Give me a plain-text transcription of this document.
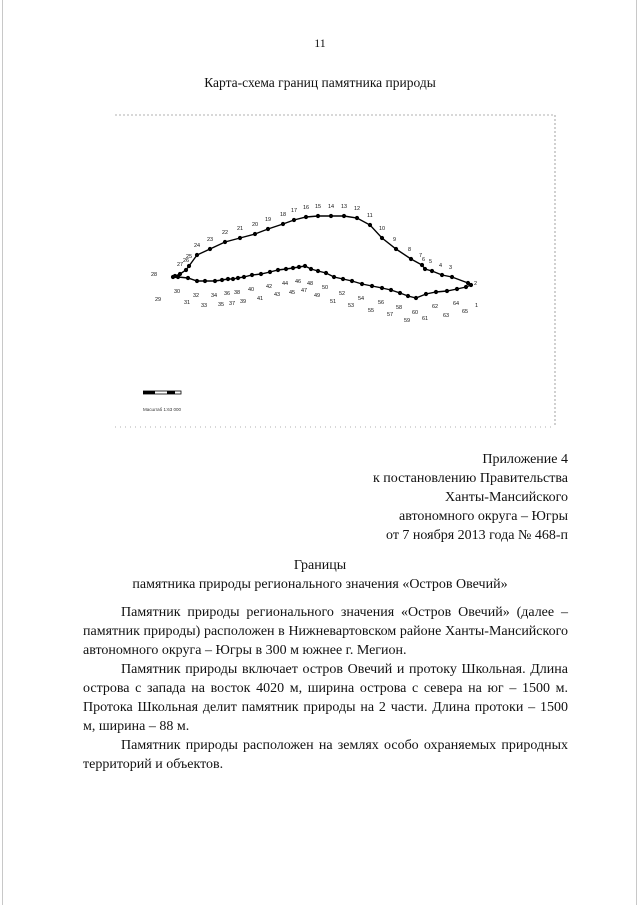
11
Карта-схема границ памятника природы
1
2
3
4
5
6
7
8
9
10
11
12
13
14
15
16
17
18
19
20
21
22
23
24
25
26
27
28
29
30
31
32
33
34
35
36
37
38
39
40
41
42
43
44
45
46
47
48
49
50
51
52
53
54
55
56
57
58
59
60
61
62
63
64
65
Масштаб 1:63 000
Приложение 4
к постановлению Правительства
Ханты-Мансийского
автономного округа – Югры
от 7 ноября 2013 года № 468-п
Границы
памятника природы регионального значения «Остров Овечий»

Памятник природы регионального значения «Остров Овечий» (далее – памятник природы) расположен в Нижневартовском районе Ханты-Мансийского автономного округа – Югры в 300 м южнее г. Мегион.

Памятник природы включает остров Овечий и протоку Школьная. Длина острова с запада на восток 4020 м, ширина острова с севера на юг – 1500 м. Протока Школьная делит памятник природы на 2 части. Длина протоки – 1500 м, ширина – 88 м.

Памятник природы расположен на землях особо охраняемых природных территорий и объектов.
